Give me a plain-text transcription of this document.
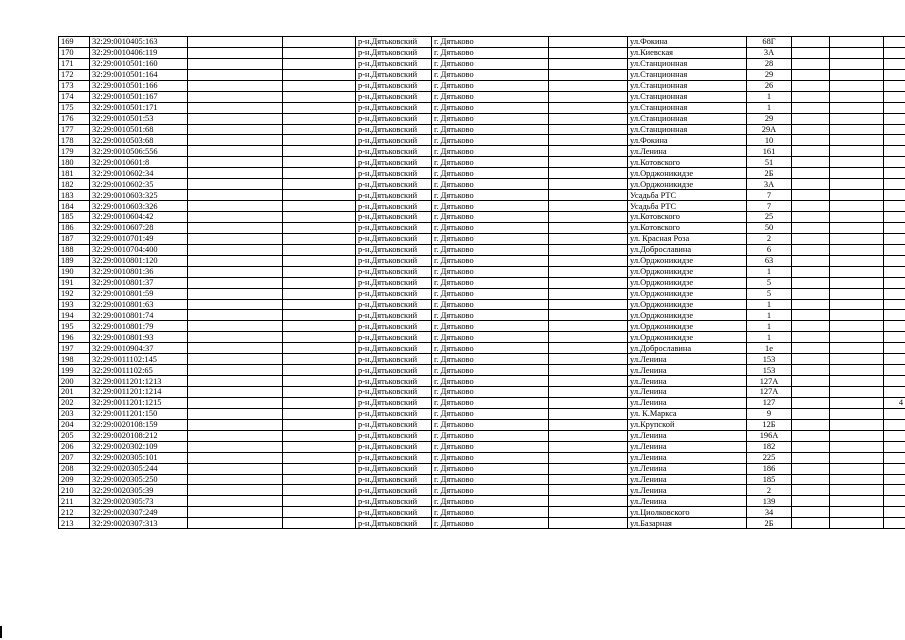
169	32:29:0010405:163			р-н.Дятьковский	г. Дятьково		ул.Фокина	68Г			
170	32:29:0010406:119			р-н.Дятьковский	г. Дятьково		ул.Киевская	3А			
171	32:29:0010501:160			р-н.Дятьковский	г. Дятьково		ул.Станционная	28			
172	32:29:0010501:164			р-н.Дятьковский	г. Дятьково		ул.Станционная	29			
173	32:29:0010501:166			р-н.Дятьковский	г. Дятьково		ул.Станционная	26			
174	32:29:0010501:167			р-н.Дятьковский	г. Дятьково		ул.Станционная	1			
175	32:29:0010501:171			р-н.Дятьковский	г. Дятьково		ул.Станционная	1			
176	32:29:0010501:53			р-н.Дятьковский	г. Дятьково		ул.Станционная	29			
177	32:29:0010501:68			р-н.Дятьковский	г. Дятьково		ул.Станционная	29А			
178	32:29:0010503:68			р-н.Дятьковский	г. Дятьково		ул.Фокина	10			
179	32:29:0010506:556			р-н.Дятьковский	г. Дятьково		ул.Ленина	161			
180	32:29:0010601:8			р-н.Дятьковский	г. Дятьково		ул.Котовского	51			
181	32:29:0010602:34			р-н.Дятьковский	г. Дятьково		ул.Орджоникидзе	2Б			
182	32:29:0010602:35			р-н.Дятьковский	г. Дятьково		ул.Орджоникидзе	3А			
183	32:29:0010603:325			р-н.Дятьковский	г. Дятьково		Усадьба РТС	7			
184	32:29:0010603:326			р-н.Дятьковский	г. Дятьково		Усадьба РТС	7			
185	32:29:0010604:42			р-н.Дятьковский	г. Дятьково		ул.Котовского	25			
186	32:29:0010607:28			р-н.Дятьковский	г. Дятьково		ул.Котовского	50			
187	32:29:0010701:49			р-н.Дятьковский	г. Дятьково		ул. Красная Роза	2			
188	32:29:0010704:400			р-н.Дятьковский	г. Дятьково		ул.Доброславина	6			
189	32:29:0010801:120			р-н.Дятьковский	г. Дятьково		ул.Орджоникидзе	63			
190	32:29:0010801:36			р-н.Дятьковский	г. Дятьково		ул.Орджоникидзе	1			
191	32:29:0010801:37			р-н.Дятьковский	г. Дятьково		ул.Орджоникидзе	5			
192	32:29:0010801:59			р-н.Дятьковский	г. Дятьково		ул.Орджоникидзе	5			
193	32:29:0010801:63			р-н.Дятьковский	г. Дятьково		ул.Орджоникидзе	1			
194	32:29:0010801:74			р-н.Дятьковский	г. Дятьково		ул.Орджоникидзе	1			
195	32:29:0010801:79			р-н.Дятьковский	г. Дятьково		ул.Орджоникидзе	1			
196	32:29:0010801:93			р-н.Дятьковский	г. Дятьково		ул.Орджоникидзе	1			
197	32:29:0010904:37			р-н.Дятьковский	г. Дятьково		ул.Доброславина	1е			
198	32:29:0011102:145			р-н.Дятьковский	г. Дятьково		ул.Ленина	153			
199	32:29:0011102:65			р-н.Дятьковский	г. Дятьково		ул.Ленина	153			
200	32:29:0011201:1213			р-н.Дятьковский	г. Дятьково		ул.Ленина	127А			
201	32:29:0011201:1214			р-н.Дятьковский	г. Дятьково		ул.Ленина	127А			
202	32:29:0011201:1215			р-н.Дятьковский	г. Дятьково		ул.Ленина	127			4
203	32:29:0011201:150			р-н.Дятьковский	г. Дятьково		ул. К.Маркса	9			
204	32:29:0020108:159			р-н.Дятьковский	г. Дятьково		ул.Крупской	12Б			
205	32:29:0020108:212			р-н.Дятьковский	г. Дятьково		ул.Ленина	196А			
206	32:29:0020302:109			р-н.Дятьковский	г. Дятьково		ул.Ленина	182			
207	32:29:0020305:101			р-н.Дятьковский	г. Дятьково		ул.Ленина	225			
208	32:29:0020305:244			р-н.Дятьковский	г. Дятьково		ул.Ленина	186			
209	32:29:0020305:250			р-н.Дятьковский	г. Дятьково		ул.Ленина	185			
210	32:29:0020305:39			р-н.Дятьковский	г. Дятьково		ул.Ленина	2			
211	32:29:0020305:73			р-н.Дятьковский	г. Дятьково		ул.Ленина	139			
212	32:29:0020307:249			р-н.Дятьковский	г. Дятьково		ул.Циолковского	34			
213	32:29:0020307:313			р-н.Дятьковский	г. Дятьково		ул.Базарная	2Б			
